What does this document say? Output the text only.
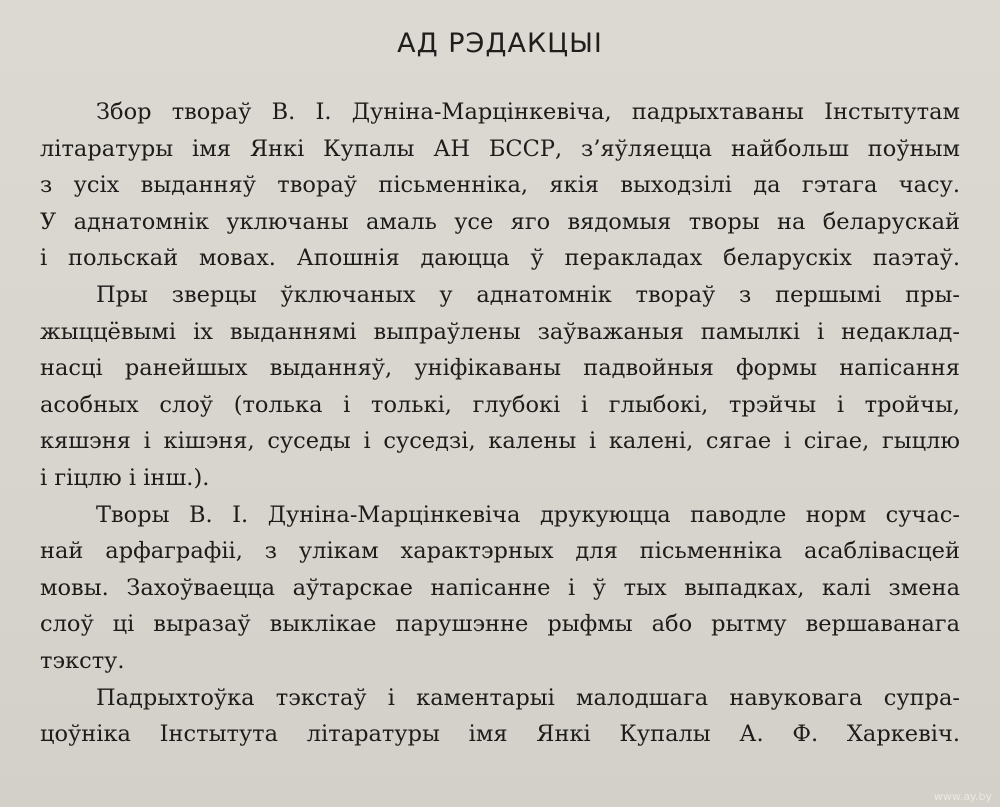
АД РЭДАКЦЫІ
Збор твораў В. І. Дуніна-Марцінкевіча, падрыхтаваны Інстытутам
літаратуры імя Янкі Купалы АН БССР, з’яўляецца найбольш поўным
з усіх выданняў твораў пісьменніка, якія выходзілі да гэтага часу.
У аднатомнік уключаны амаль усе яго вядомыя творы на беларускай
і польскай мовах. Апошнія даюцца ў перакладах беларускіх паэтаў.
Пры зверцы ўключаных у аднатомнік твораў з першымі пры-
жыццёвымі іх выданнямі выпраўлены заўважаныя памылкі і недаклад-
насці ранейшых выданняў, уніфікаваны падвойныя формы напісання
асобных слоў (толька і толькі, глубокі і глыбокі, трэйчы і тройчы,
кяшэня і кішэня, суседы і суседзі, калены і калені, сягае і сігае, гыцлю
і гіцлю і інш.).
Творы В. І. Дуніна-Марцінкевіча друкуюцца паводле норм сучас-
най арфаграфіі, з улікам характэрных для пісьменніка асаблівасцей
мовы. Захоўваецца аўтарскае напісанне і ў тых выпадках, калі змена
слоў ці выразаў выклікае парушэнне рыфмы або рытму вершаванага
тэксту.
Падрыхтоўка тэкстаў і каментарыі малодшага навуковага супра-
цоўніка Інстытута літаратуры імя Янкі Купалы А. Ф. Харкевіч.
www.ay.by
